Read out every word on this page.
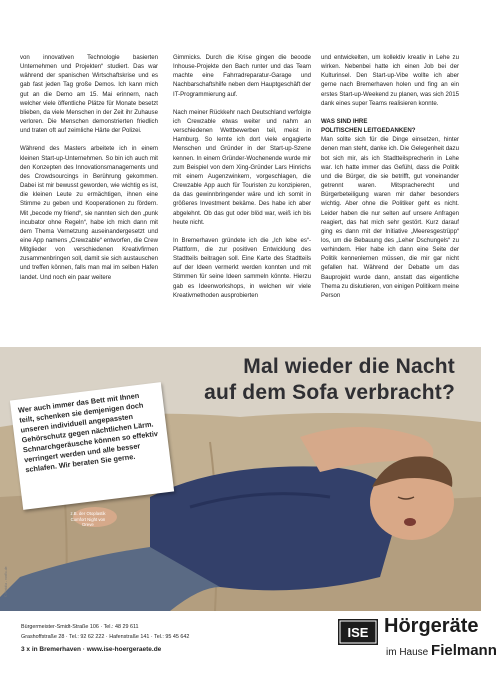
von innovativen Technologie basierten Unternehmen und Projekten“ studiert. Das war während der spanischen Wirtschaftskrise und es gab fast jeden Tag große Demos. Ich kann mich gut an die Demo am 15. Mai erinnern, nach welcher viele öffentliche Plätze für Monate besetzt blieben, da viele Menschen in der Zeit ihr Zuhause verloren. Die Menschen demonstrierten friedlich und traten oft auf zeimliche Härte der Polizei.

Während des Masters arbeitete ich in einem kleinen Start-up-Unternehmen. So bin ich auch mit den Konzepten des Innovationsmanagements und des Crowdsourcings in Berührung gekommen. Dabei ist mir bewusst geworden, wie wichtig es ist, die kleinen Leute zu ermächtigen, ihnen eine Stimme zu geben und Kooperationen zu fördern. Mit „becode my friend“, sie nannten sich den „punk incubator ohne Regeln“, habe ich mich dann mit dem Thema Vernetzung auseinandergesetzt und eine App namens „Crewzable“ entworfen, die Crew Mitglieder von verschiedenen Kreativfirmen zusammenbringen soll, damit sie sich austauschen und treffen können, falls man mal im selben Hafen landet. Und noch ein paar weitere

Gimmicks. Durch die Krise gingen die beoode Inhouse-Projekte den Bach runter und das Team machte eine Fahrradreparatur-Garage und Nachbarschaftshilfe neben dem Hauptgeschäft der IT-Programmierung auf.

Nach meiner Rückkehr nach Deutschland verfolgte ich Crewzable etwas weiter und nahm an verschiedenen Wettbewerben teil, meist in Hamburg. So lernte ich dort viele engagierte Menschen und Gründer in der Start-up-Szene kennen. In einem Gründer-Wochenende wurde mir zum Beispiel von dem Xing-Gründer Lars Hinrichs mit einem Augenzwinkern, vorgeschlagen, die Crewzable App auch für Touristen zu konzipieren, da das gewinnbringender wäre und ich somit in größeres Investment bekäme. Des habe ich aber abgelehnt. Ob das gut oder blöd war, weiß ich bis heute nicht.

In Bremerhaven gründete ich die „Ich lebe es“-Plattform, die zur positiven Entwicklung des Stadtteils beitragen soll. Eine Karte des Stadtteils auf der Ideen vermerkt werden konnten und mit Stimmen für seine Ideen sammeln könnte. Hierzu gab es Ideenworkshops, in welchen wir viele Kreativmethoden ausprobierten

und entwickelten, um kollektiv kreativ in Lehe zu wirken. Nebenbei hatte ich einen Job bei der Kulturinsel. Den Start-up-Vibe wollte ich aber gerne nach Bremerhaven holen und fing an ein erstes Start-up-Weekend zu planen, was sich 2015 dank eines super Teams realisieren konnte.

WAS SIND IHRE
POLITISCHEN LEITGEDANKEN?

Man sollte sich für die Dinge einsetzen, hinter denen man steht, danke ich. Die Gelegenheit dazu bot sich mir, als ich Stadtteilsprecherin in Lehe war. Ich hatte immer das Gefühl, dass die Politik und die Bürger, die sie betrifft, gut voneinander getrennt waren. Mitspracherecht und Bürgerbeteiligung waren mir daher besonders wichtig. Aber ohne die Politiker geht es nicht. Leider haben die nur selten auf unsere Anfragen reagiert, das hat mich sehr gestört. Kurz darauf ging es dann mit der Initiative „Meeresgestrüpp“ los, um die Bebauung des „Leher Dschungels“ zu verhindern. Hier habe ich dann eine Seite der Politik kennenlernen müssen, die mir gar nicht gefallen hat. Während der Debatte um das Bauprojekt wurde dann, anstatt das eigentliche Thema zu diskutieren, von einigen Politikern meine Person

Mal wieder die Nacht
auf dem Sofa verbracht?
Wer auch immer das Bett mit Ihnen teilt, schenken sie demjenigen doch unseren individuell angepassten Gehörschutz gegen nächtlichen Lärm. Schnarchgeräusche können so effektiv verringert werden und alle besser schlafen. Wir beraten Sie gerne.
z.B. der Otoplastik Comfort Night von Dreve
© Fotolia - ronfix.de
Bürgermeister-Smidt-Straße 106 · Tel.: 48 29 611
Grashoffstraße 28 · Tel.: 92 62 222 · Hafenstraße 141 · Tel.: 95 45 642
3 x in Bremerhaven · www.ise-hoergeraete.de
ISE Hörgeräte
im Hause Fielmann
